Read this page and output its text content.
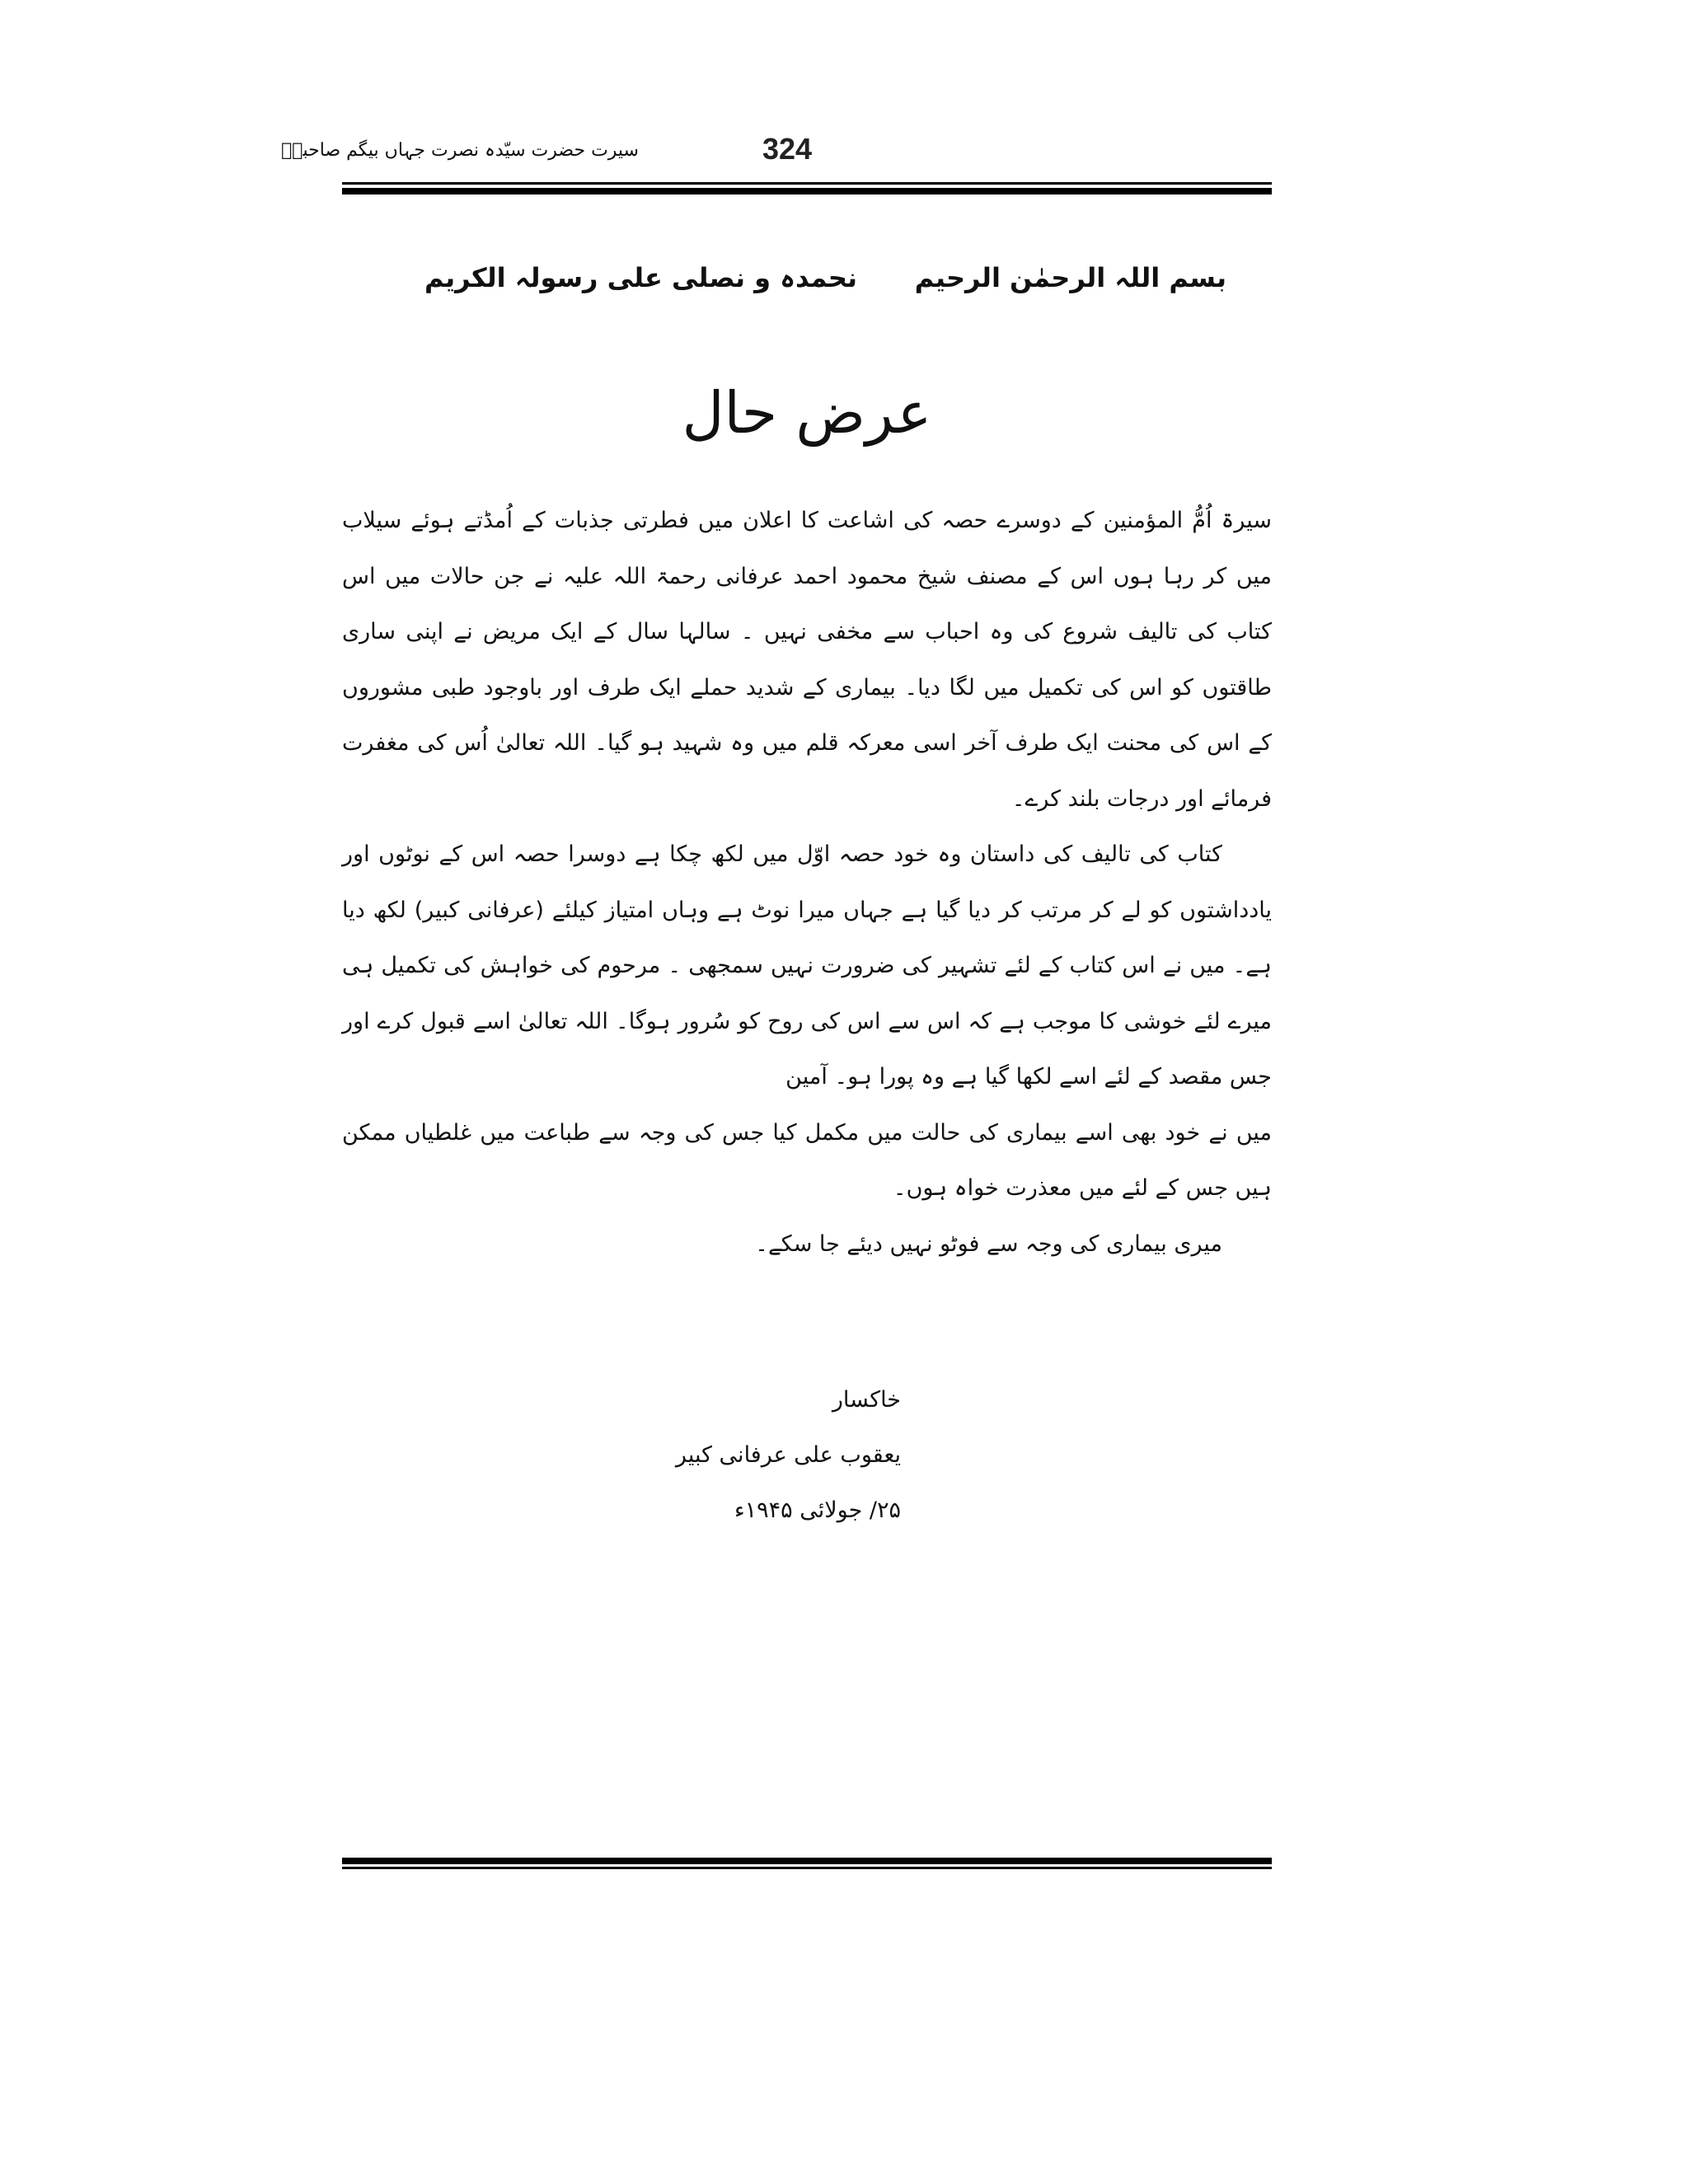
سیرت حضرت سیّدہ نصرت جہاں بیگم صاحبہؓ	324
بسم اللہ الرحمٰن الرحیم
نحمدہ و نصلی علی رسولہ الکریم
عرض حال

سیرۃ اُمُّ المؤمنین کے دوسرے حصہ کی اشاعت کا اعلان میں فطرتی جذبات کے اُمڈتے ہوئے سیلاب میں کر رہا ہوں اس کے مصنف شیخ محمود احمد عرفانی رحمۃ اللہ علیہ نے جن حالات میں اس کتاب کی تالیف شروع کی وہ احباب سے مخفی نہیں ۔ سالہا سال کے ایک مریض نے اپنی ساری طاقتوں کو اس کی تکمیل میں لگا دیا۔ بیماری کے شدید حملے ایک طرف اور باوجود طبی مشوروں کے اس کی محنت ایک طرف آخر اسی معرکہ قلم میں وہ شہید ہو گیا۔ اللہ تعالیٰ اُس کی مغفرت فرمائے اور درجات بلند کرے۔

کتاب کی تالیف کی داستان وہ خود حصہ اوّل میں لکھ چکا ہے دوسرا حصہ اس کے نوٹوں اور یادداشتوں کو لے کر مرتب کر دیا گیا ہے جہاں میرا نوٹ ہے وہاں امتیاز کیلئے (عرفانی کبیر) لکھ دیا ہے۔ میں نے اس کتاب کے لئے تشہیر کی ضرورت نہیں سمجھی ۔ مرحوم کی خواہش کی تکمیل ہی میرے لئے خوشی کا موجب ہے کہ اس سے اس کی روح کو سُرور ہوگا۔ اللہ تعالیٰ اسے قبول کرے اور جس مقصد کے لئے اسے لکھا گیا ہے وہ پورا ہو۔ آمین

میں نے خود بھی اسے بیماری کی حالت میں مکمل کیا جس کی وجہ سے طباعت میں غلطیاں ممکن ہیں جس کے لئے میں معذرت خواہ ہوں۔

میری بیماری کی وجہ سے فوٹو نہیں دیئے جا سکے۔

خاکسار
یعقوب علی عرفانی کبیر
۲۵/ جولائی ۱۹۴۵ء
